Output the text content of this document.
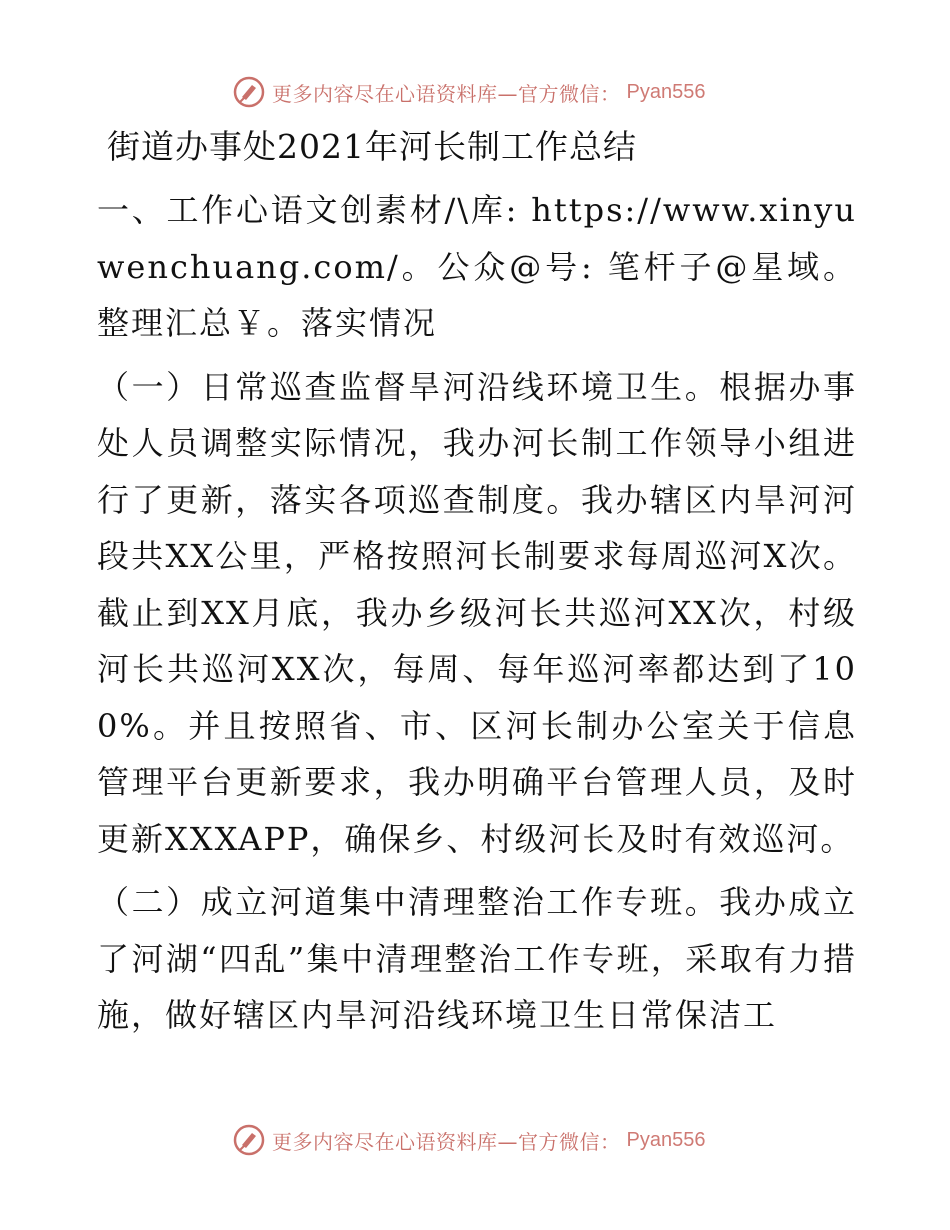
更多内容尽在心语资料库—官方微信： Pyan556
街道办事处2021年河长制工作总结

一、工作心语文创素材/\库: https://www.xinyuwenchuang.com/。公众@号: 笔杆子@星域。整理汇总￥。落实情况

（一）日常巡查监督旱河沿线环境卫生。根据办事处人员调整实际情况，我办河长制工作领导小组进行了更新，落实各项巡查制度。我办辖区内旱河河段共XX公里，严格按照河长制要求每周巡河X次。截止到XX月底，我办乡级河长共巡河XX次，村级河长共巡河XX次，每周、每年巡河率都达到了100%。并且按照省、市、区河长制办公室关于信息管理平台更新要求，我办明确平台管理人员，及时更新XXXAPP，确保乡、村级河长及时有效巡河。

（二）成立河道集中清理整治工作专班。我办成立了河湖“四乱”集中清理整治工作专班，采取有力措施，做好辖区内旱河沿线环境卫生日常保洁工

更多内容尽在心语资料库—官方微信： Pyan556
